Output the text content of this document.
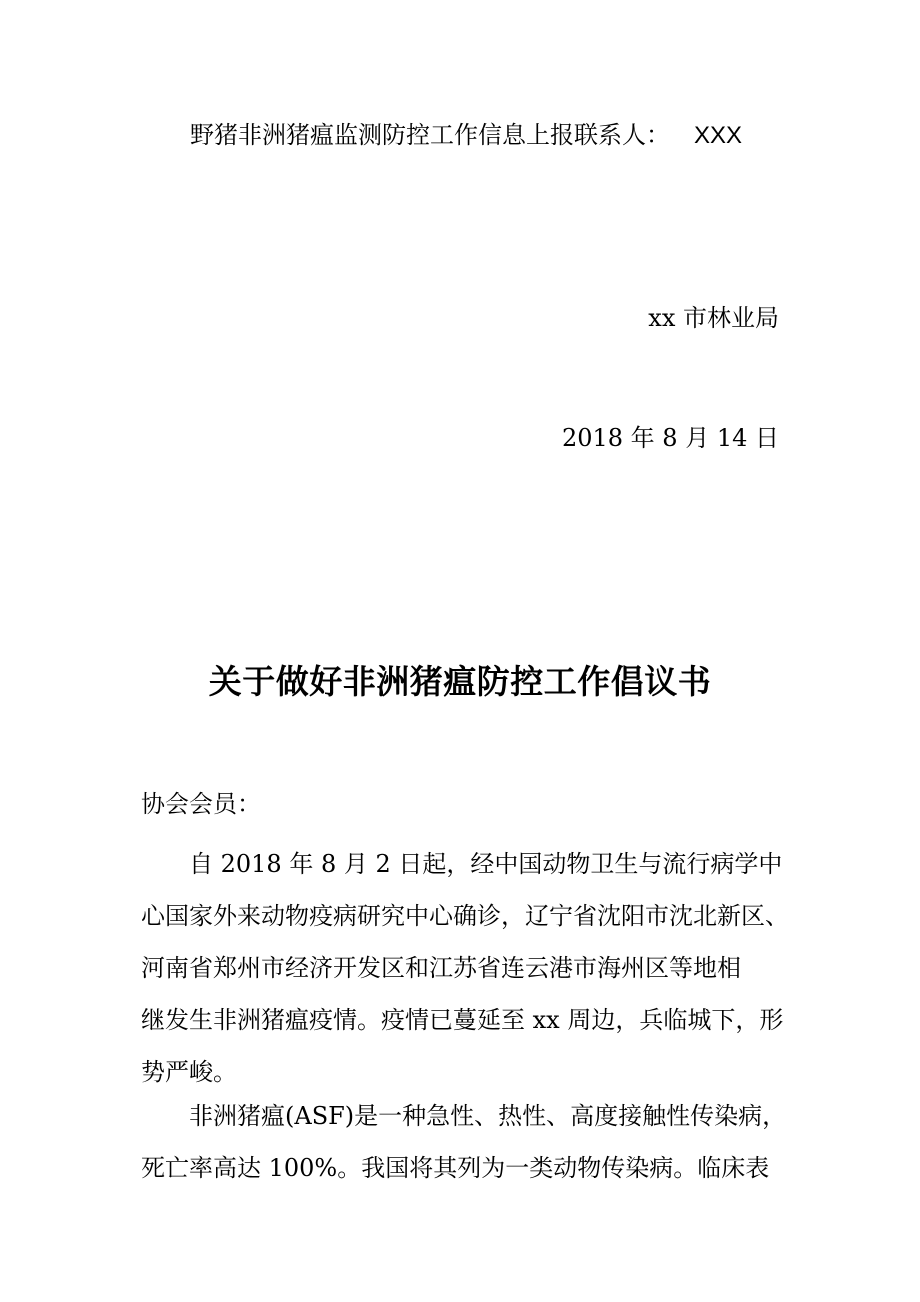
野猪非洲猪瘟监测防控工作信息上报联系人： XXX
xx 市林业局
2018 年 8 月 14 日
关于做好非洲猪瘟防控工作倡议书
协会会员：
自 2018 年 8 月 2 日起，经中国动物卫生与流行病学中
心国家外来动物疫病研究中心确诊，辽宁省沈阳市沈北新区、
河南省郑州市经济开发区和江苏省连云港市海州区等地相
继发生非洲猪瘟疫情。疫情已蔓延至 xx 周边，兵临城下，形
势严峻。
非洲猪瘟(ASF)是一种急性、热性、高度接触性传染病，
死亡率高达 100%。我国将其列为一类动物传染病。临床表
